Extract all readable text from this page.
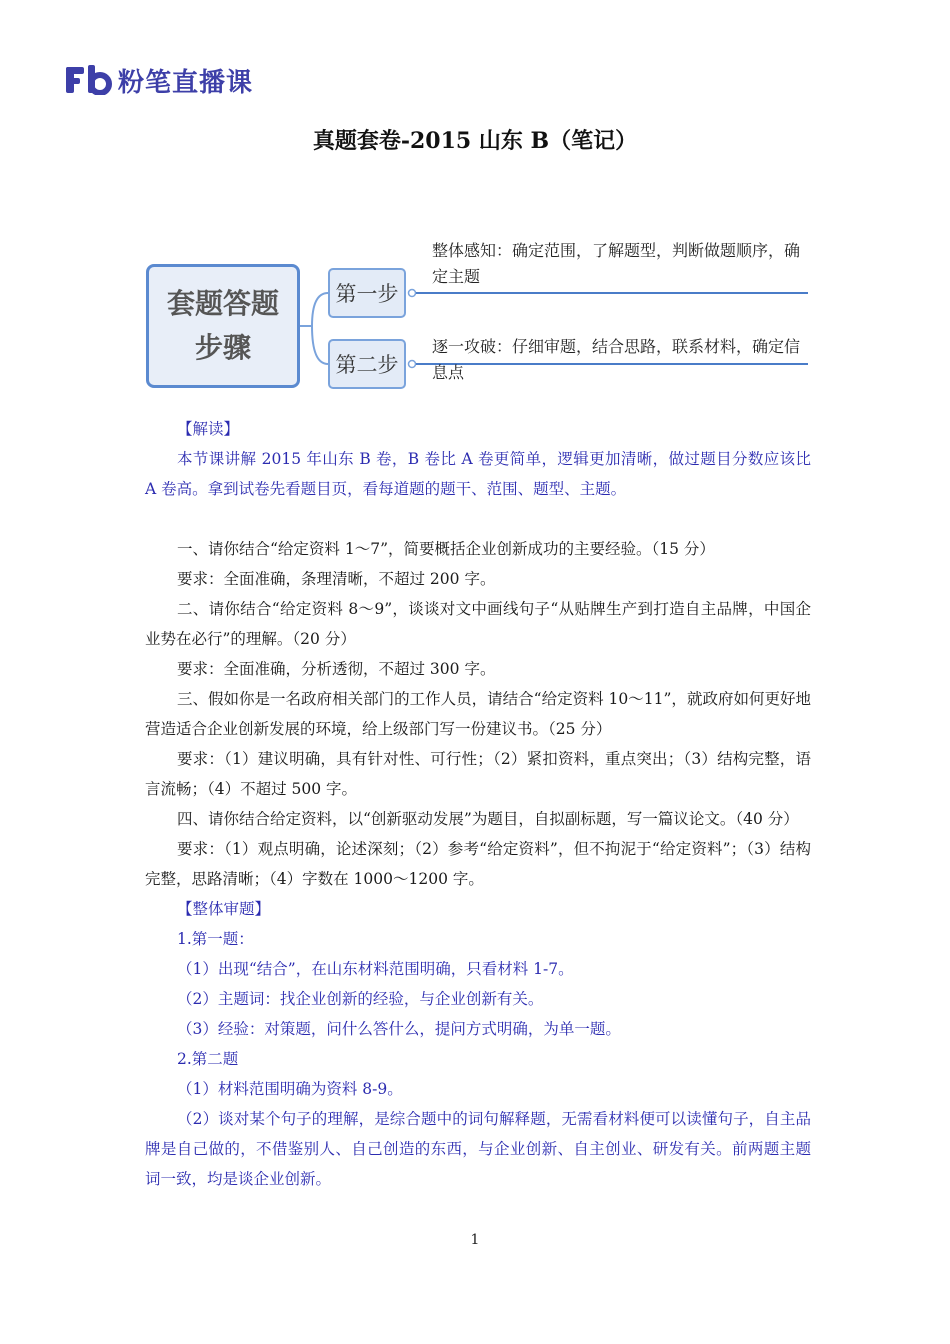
粉笔直播课
真题套卷-2015 山东 B（笔记）
套题答题
步骤
第一步
第二步
整体感知：确定范围，了解题型，判断做题顺序，确定主题
逐一攻破：仔细审题，结合思路，联系材料，确定信息点

【解读】

本节课讲解 2015 年山东 B 卷，B 卷比 A 卷更简单，逻辑更加清晰，做过题目分数应该比 A 卷高。拿到试卷先看题目页，看每道题的题干、范围、题型、主题。

一、请你结合“给定资料 1～7”，简要概括企业创新成功的主要经验。（15 分）

要求：全面准确，条理清晰，不超过 200 字。

二、请你结合“给定资料 8～9”，谈谈对文中画线句子“从贴牌生产到打造自主品牌，中国企业势在必行”的理解。（20 分）

要求：全面准确，分析透彻，不超过 300 字。

三、假如你是一名政府相关部门的工作人员，请结合“给定资料 10～11”，就政府如何更好地营造适合企业创新发展的环境，给上级部门写一份建议书。（25 分）

要求：（1）建议明确，具有针对性、可行性；（2）紧扣资料，重点突出；（3）结构完整，语言流畅；（4）不超过 500 字。

四、请你结合给定资料，以“创新驱动发展”为题目，自拟副标题，写一篇议论文。（40 分）

要求：（1）观点明确，论述深刻；（2）参考“给定资料”，但不拘泥于“给定资料”；（3）结构完整，思路清晰；（4）字数在 1000～1200 字。

【整体审题】

1.第一题：

（1）出现“结合”，在山东材料范围明确，只看材料 1-7。

（2）主题词：找企业创新的经验，与企业创新有关。

（3）经验：对策题，问什么答什么，提问方式明确，为单一题。

2.第二题

（1）材料范围明确为资料 8-9。

（2）谈对某个句子的理解，是综合题中的词句解释题，无需看材料便可以读懂句子，自主品牌是自己做的，不借鉴别人、自己创造的东西，与企业创新、自主创业、研发有关。前两题主题词一致，均是谈企业创新。

1
